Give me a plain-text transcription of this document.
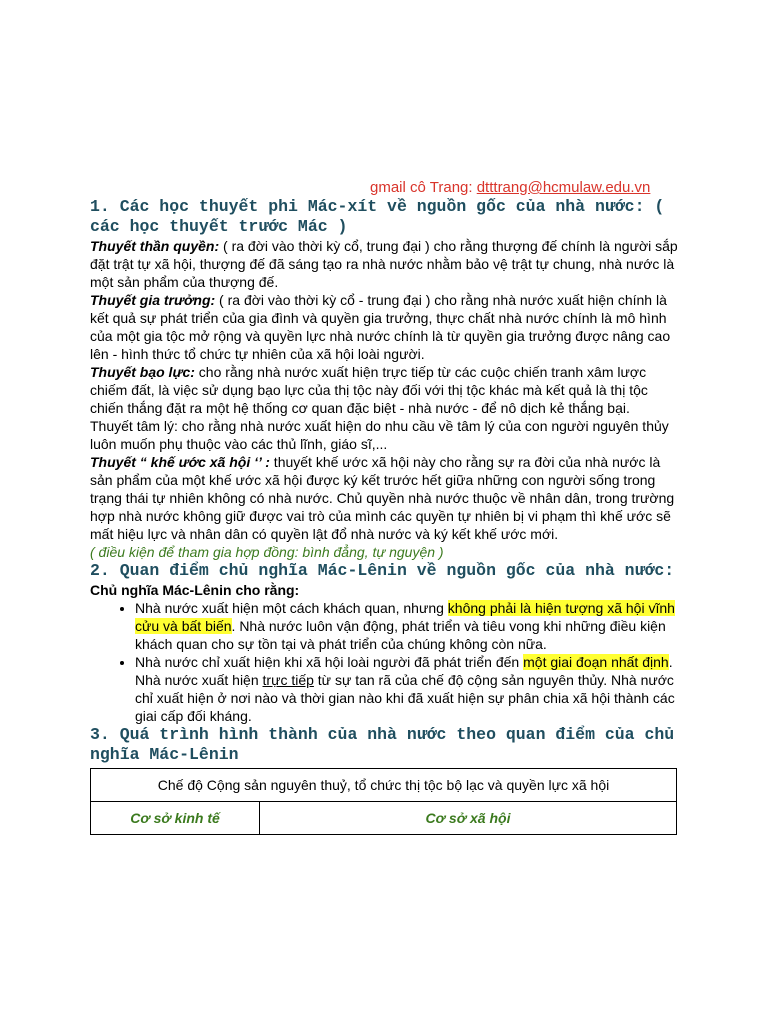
gmail cô Trang: dtttrang@hcmulaw.edu.vn
1. Các học thuyết phi Mác-xít về nguồn gốc của nhà nước: ( các học thuyết trước Mác )

Thuyết thần quyền: ( ra đời vào thời kỳ cổ, trung đại ) cho rằng thượng đế chính là người sắp đặt trật tự xã hội, thượng đế đã sáng tạo ra nhà nước nhằm bảo vệ trật tự chung, nhà nước là một sản phẩm của thượng đế.

Thuyết gia trưởng: ( ra đời vào thời kỳ cổ - trung đại ) cho rằng nhà nước xuất hiện chính là kết quả sự phát triển của gia đình và quyền gia trưởng, thực chất nhà nước chính là mô hình của một gia tộc mở rộng và quyền lực nhà nước chính là từ quyền gia trưởng được nâng cao lên - hình thức tổ chức tự nhiên của xã hội loài người.

Thuyết bạo lực: cho rằng nhà nước xuất hiện trực tiếp từ các cuộc chiến tranh xâm lược chiếm đất, là việc sử dụng bạo lực của thị tộc này đối với thị tộc khác mà kết quả là thị tộc chiến thắng đặt ra một hệ thống cơ quan đặc biệt - nhà nước - để nô dịch kẻ thắng bại.

Thuyết tâm lý: cho rằng nhà nước xuất hiện do nhu cầu về tâm lý của con người nguyên thủy luôn muốn phụ thuộc vào các thủ lĩnh, giáo sĩ,...

Thuyết “ khế ước xã hội ‘’ : thuyết khế ước xã hội này cho rằng sự ra đời của nhà nước là sản phẩm của một khế ước xã hội được ký kết trước hết giữa những con người sống trong trạng thái tự nhiên không có nhà nước. Chủ quyền nhà nước thuộc về nhân dân, trong trường hợp nhà nước không giữ được vai trò của mình các quyền tự nhiên bị vi phạm thì khế ước sẽ mất hiệu lực và nhân dân có quyền lật đổ nhà nước và ký kết khế ước mới.

( điều kiện để tham gia hợp đồng: bình đẳng, tự nguyện )

2. Quan điểm chủ nghĩa Mác-Lênin về nguồn gốc của nhà nước:

Chủ nghĩa Mác-Lênin cho rằng:

• Nhà nước xuất hiện một cách khách quan, nhưng không phải là hiện tượng xã hội vĩnh cửu và bất biến. Nhà nước luôn vận động, phát triển và tiêu vong khi những điều kiện khách quan cho sự tồn tại và phát triển của chúng không còn nữa.
• Nhà nước chỉ xuất hiện khi xã hội loài người đã phát triển đến một giai đoạn nhất định. Nhà nước xuất hiện trực tiếp từ sự tan rã của chế độ cộng sản nguyên thủy. Nhà nước chỉ xuất hiện ở nơi nào và thời gian nào khi đã xuất hiện sự phân chia xã hội thành các giai cấp đối kháng.
3. Quá trình hình thành của nhà nước theo quan điểm của chủ nghĩa Mác-Lênin
Chế độ Cộng sản nguyên thuỷ, tổ chức thị tộc bộ lạc và quyền lực xã hội
Cơ sở kinh tế	Cơ sở xã hội
